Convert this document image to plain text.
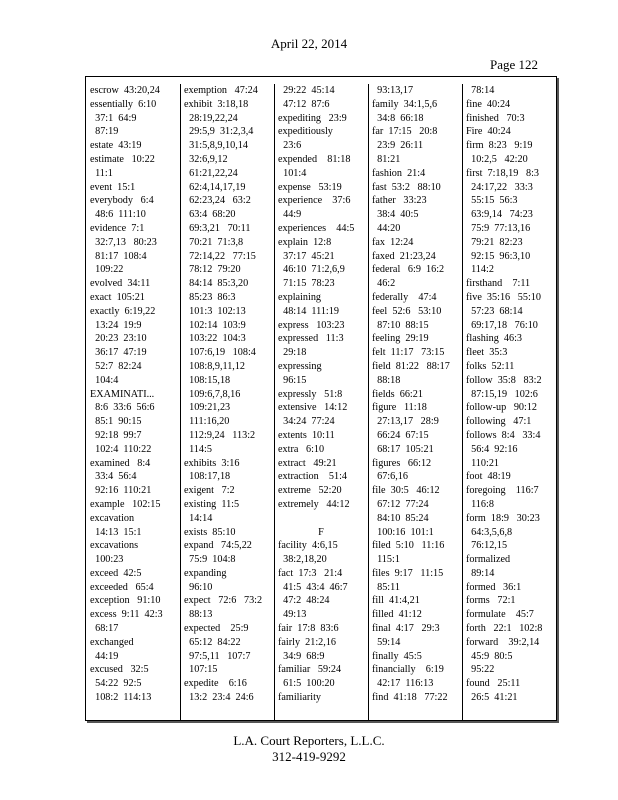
April 22, 2014
Page 122
escrow  43:20,24
essentially  6:10
37:1  64:9
87:19
estate  43:19
estimate   10:22
11:1
event  15:1
everybody   6:4
48:6  111:10
evidence  7:1
32:7,13   80:23
81:17  108:4
109:22
evolved  34:11
exact  105:21
exactly  6:19,22
13:24  19:9
20:23  23:10
36:17  47:19
52:7  82:24
104:4
EXAMINATI...
8:6  33:6  56:6
85:1  90:15
92:18  99:7
102:4  110:22
examined   8:4
33:4  56:4
92:16  110:21
example   102:15
excavation
14:13  15:1
excavations
100:23
exceed  42:5
exceeded   65:4
exception   91:10
excess  9:11  42:3
68:17
exchanged
44:19
excused   32:5
54:22  92:5
108:2  114:13
exemption   47:24
exhibit  3:18,18
28:19,22,24
29:5,9  31:2,3,4
31:5,8,9,10,14
32:6,9,12
61:21,22,24
62:4,14,17,19
62:23,24   63:2
63:4  68:20
69:3,21   70:11
70:21  71:3,8
72:14,22   77:15
78:12  79:20
84:14  85:3,20
85:23  86:3
101:3  102:13
102:14  103:9
103:22  104:3
107:6,19   108:4
108:8,9,11,12
108:15,18
109:6,7,8,16
109:21,23
111:16,20
112:9,24   113:2
114:5
exhibits  3:16
108:17,18
exigent   7:2
existing  11:5
14:14
exists  85:10
expand   74:5,22
75:9  104:8
expanding
96:10
expect   72:6   73:2
88:13
expected    25:9
65:12  84:22
97:5,11   107:7
107:15
expedite    6:16
13:2  23:4  24:6
29:22  45:14
47:12  87:6
expediting   23:9
expeditiously
23:6
expended    81:18
101:4
expense   53:19
experience    37:6
44:9
experiences    44:5
explain  12:8
37:17  45:21
46:10  71:2,6,9
71:15  78:23
explaining
48:14  111:19
express   103:23
expressed   11:3
29:18
expressing
96:15
expressly   51:8
extensive   14:12
34:24  77:24
extents  10:11
extra   6:10
extract   49:21
extraction    51:4
extreme   52:20
extremely   44:12
F
facility  4:6,15
38:2,18,20
fact  17:3   21:4
41:5  43:4  46:7
47:2  48:24
49:13
fair  17:8  83:6
fairly  21:2,16
34:9  68:9
familiar   59:24
61:5  100:20
familiarity
93:13,17
family  34:1,5,6
34:8  66:18
far  17:15   20:8
23:9  26:11
81:21
fashion  21:4
fast  53:2   88:10
father   33:23
38:4  40:5
44:20
fax  12:24
faxed  21:23,24
federal   6:9  16:2
46:2
federally    47:4
feel  52:6   53:10
87:10  88:15
feeling  29:19
felt  11:17   73:15
field  81:22   88:17
88:18
fields  66:21
figure   11:18
27:13,17   28:9
66:24  67:15
68:17  105:21
figures   66:12
67:6,16
file  30:5   46:12
67:12  77:24
84:10  85:24
100:16  101:1
filed  5:10   11:16
115:1
files  9:17   11:15
85:11
fill  41:4,21
filled  41:12
final  4:17   29:3
59:14
finally  45:5
financially    6:19
42:17  116:13
find  41:18   77:22
78:14
fine  40:24
finished   70:3
Fire  40:24
firm  8:23   9:19
10:2,5   42:20
first  7:18,19   8:3
24:17,22   33:3
55:15  56:3
63:9,14   74:23
75:9  77:13,16
79:21  82:23
92:15  96:3,10
114:2
firsthand    7:11
five  35:16   55:10
57:23  68:14
69:17,18   76:10
flashing  46:3
fleet  35:3
folks  52:11
follow  35:8   83:2
87:15,19   102:6
follow-up   90:12
following   47:1
follows  8:4   33:4
56:4  92:16
110:21
foot  48:19
foregoing    116:7
116:8
form  18:9   30:23
64:3,5,6,8
76:12,15
formalized
89:14
formed   36:1
forms   72:1
formulate    45:7
forth   22:1   102:8
forward    39:2,14
45:9  80:5
95:22
found   25:11
26:5  41:21
L.A. Court Reporters, L.L.C.
312-419-9292
